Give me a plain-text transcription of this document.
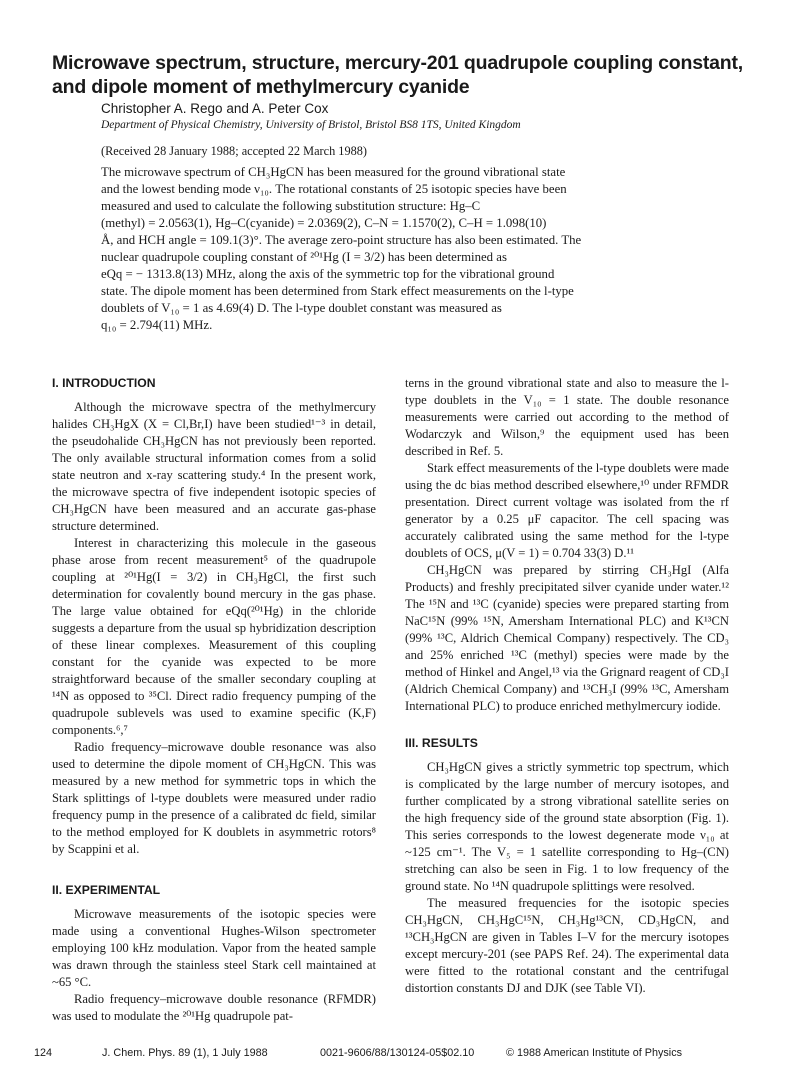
Microwave spectrum, structure, mercury-201 quadrupole coupling constant, and dipole moment of methylmercury cyanide
Christopher A. Rego and A. Peter Cox
Department of Physical Chemistry, University of Bristol, Bristol BS8 1TS, United Kingdom
(Received 28 January 1988; accepted 22 March 1988)
The microwave spectrum of CH₃HgCN has been measured for the ground vibrational state
and the lowest bending mode ν₁₀. The rotational constants of 25 isotopic species have been
measured and used to calculate the following substitution structure: Hg–C
(methyl) = 2.0563(1), Hg–C(cyanide) = 2.0369(2), C–N = 1.1570(2), C–H = 1.098(10)
Å, and HCH angle = 109.1(3)°. The average zero-point structure has also been estimated. The
nuclear quadrupole coupling constant of ²⁰¹Hg (I = 3/2) has been determined as
eQq = − 1313.8(13) MHz, along the axis of the symmetric top for the vibrational ground
state. The dipole moment has been determined from Stark effect measurements on the l-type
doublets of V₁₀ = 1 as 4.69(4) D. The l-type doublet constant was measured as
q₁₀ = 2.794(11) MHz.
I. INTRODUCTION

Although the microwave spectra of the methylmercury halides CH₃HgX (X = Cl,Br,I) have been studied¹⁻³ in detail, the pseudohalide CH₃HgCN has not previously been reported. The only available structural information comes from a solid state neutron and x-ray scattering study.⁴ In the present work, the microwave spectra of five independent isotopic species of CH₃HgCN have been measured and an accurate gas-phase structure determined.

Interest in characterizing this molecule in the gaseous phase arose from recent measurement⁵ of the quadrupole coupling at ²⁰¹Hg(I = 3/2) in CH₃HgCl, the first such determination for covalently bound mercury in the gas phase. The large value obtained for eQq(²⁰¹Hg) in the chloride suggests a departure from the usual sp hybridization description of these linear complexes. Measurement of this coupling constant for the cyanide was expected to be more straightforward because of the smaller secondary coupling at ¹⁴N as opposed to ³⁵Cl. Direct radio frequency pumping of the quadrupole sublevels was used to examine specific (K,F) components.⁶,⁷

Radio frequency–microwave double resonance was also used to determine the dipole moment of CH₃HgCN. This was measured by a new method for symmetric tops in which the Stark splittings of l-type doublets were measured under radio frequency pump in the presence of a calibrated dc field, similar to the method employed for K doublets in asymmetric rotors⁸ by Scappini et al.

II. EXPERIMENTAL

Microwave measurements of the isotopic species were made using a conventional Hughes-Wilson spectrometer employing 100 kHz modulation. Vapor from the heated sample was drawn through the stainless steel Stark cell maintained at ~65 °C.

Radio frequency–microwave double resonance (RFMDR) was used to modulate the ²⁰¹Hg quadrupole pat-

terns in the ground vibrational state and also to measure the l-type doublets in the V₁₀ = 1 state. The double resonance measurements were carried out according to the method of Wodarczyk and Wilson,⁹ the equipment used has been described in Ref. 5.

Stark effect measurements of the l-type doublets were made using the dc bias method described elsewhere,¹⁰ under RFMDR presentation. Direct current voltage was isolated from the rf generator by a 0.25 μF capacitor. The cell spacing was accurately calibrated using the same method for the l-type doublets of OCS, μ(V = 1) = 0.704 33(3) D.¹¹

CH₃HgCN was prepared by stirring CH₃HgI (Alfa Products) and freshly precipitated silver cyanide under water.¹² The ¹⁵N and ¹³C (cyanide) species were prepared starting from NaC¹⁵N (99% ¹⁵N, Amersham International PLC) and K¹³CN (99% ¹³C, Aldrich Chemical Company) respectively. The CD₃ and 25% enriched ¹³C (methyl) species were made by the method of Hinkel and Angel,¹³ via the Grignard reagent of CD₃I (Aldrich Chemical Company) and ¹³CH₃I (99% ¹³C, Amersham International PLC) to produce enriched methylmercury iodide.

III. RESULTS

CH₃HgCN gives a strictly symmetric top spectrum, which is complicated by the large number of mercury isotopes, and further complicated by a strong vibrational satellite series on the high frequency side of the ground state absorption (Fig. 1). This series corresponds to the lowest degenerate mode ν₁₀ at ~125 cm⁻¹. The V₅ = 1 satellite corresponding to Hg–(CN) stretching can also be seen in Fig. 1 to low frequency of the ground state. No ¹⁴N quadrupole splittings were resolved.

The measured frequencies for the isotopic species CH₃HgCN, CH₃HgC¹⁵N, CH₃Hg¹³CN, CD₃HgCN, and ¹³CH₃HgCN are given in Tables I–V for the mercury isotopes except mercury-201 (see PAPS Ref. 24). The experimental data were fitted to the rotational constant and the centrifugal distortion constants DJ and DJK (see Table VI).

124	J. Chem. Phys. 89 (1), 1 July 1988	0021-9606/88/130124-05$02.10	© 1988 American Institute of Physics
